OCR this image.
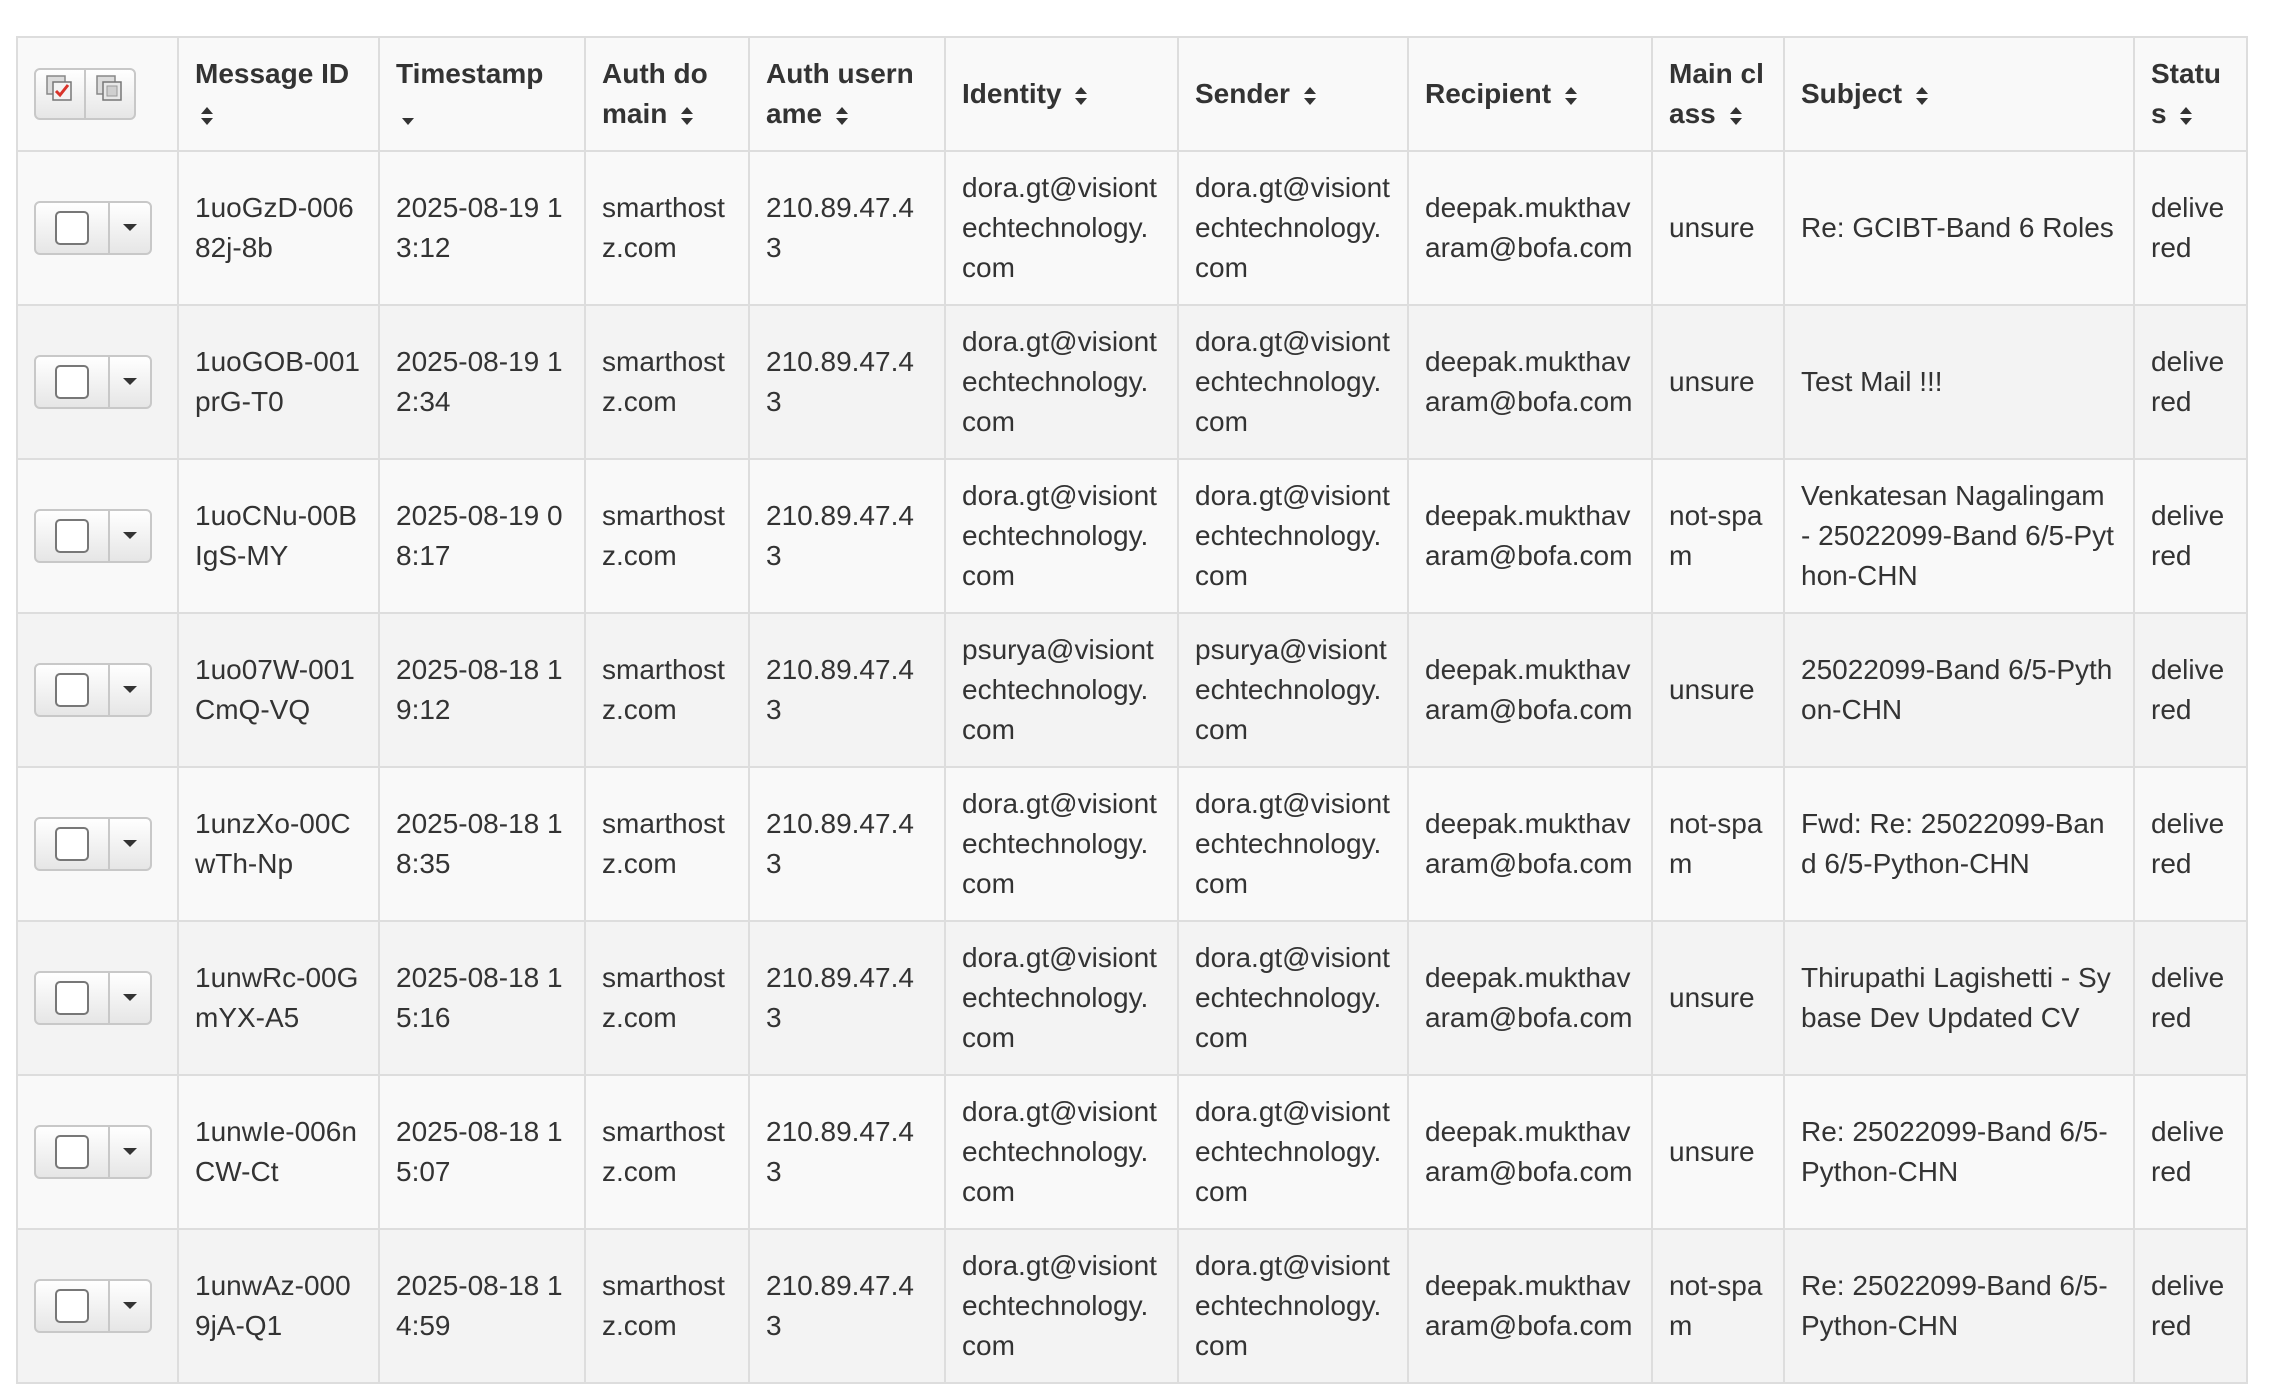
	Message ID	Timestamp	Auth domain	Auth username	Identity	Sender	Recipient	Main class	Subject	Status

	1uoGzD-00682j-8b	2025-08-19 13:12	smarthostz.com	210.89.47.43	dora.gt@visiontechtechnology.com	dora.gt@visiontechtechnology.com	deepak.mukthavaram@bofa.com	unsure	Re: GCIBT-Band 6 Roles	delivered

	1uoGOB-001prG-T0	2025-08-19 12:34	smarthostz.com	210.89.47.43	dora.gt@visiontechtechnology.com	dora.gt@visiontechtechnology.com	deepak.mukthavaram@bofa.com	unsure	Test Mail !!!	delivered

	1uoCNu-00BIgS-MY	2025-08-19 08:17	smarthostz.com	210.89.47.43	dora.gt@visiontechtechnology.com	dora.gt@visiontechtechnology.com	deepak.mukthavaram@bofa.com	not-spam	Venkatesan Nagalingam - 25022099-Band 6/5-Python-CHN	delivered

	1uo07W-001CmQ-VQ	2025-08-18 19:12	smarthostz.com	210.89.47.43	psurya@visiontechtechnology.com	psurya@visiontechtechnology.com	deepak.mukthavaram@bofa.com	unsure	25022099-Band 6/5-Python-CHN	delivered

	1unzXo-00CwTh-Np	2025-08-18 18:35	smarthostz.com	210.89.47.43	dora.gt@visiontechtechnology.com	dora.gt@visiontechtechnology.com	deepak.mukthavaram@bofa.com	not-spam	Fwd: Re: 25022099-Band 6/5-Python-CHN	delivered

	1unwRc-00GmYX-A5	2025-08-18 15:16	smarthostz.com	210.89.47.43	dora.gt@visiontechtechnology.com	dora.gt@visiontechtechnology.com	deepak.mukthavaram@bofa.com	unsure	Thirupathi Lagishetti - Sybase Dev Updated CV	delivered

	1unwIe-006nCW-Ct	2025-08-18 15:07	smarthostz.com	210.89.47.43	dora.gt@visiontechtechnology.com	dora.gt@visiontechtechnology.com	deepak.mukthavaram@bofa.com	unsure	Re: 25022099-Band 6/5-Python-CHN	delivered

	1unwAz-0009jA-Q1	2025-08-18 14:59	smarthostz.com	210.89.47.43	dora.gt@visiontechtechnology.com	dora.gt@visiontechtechnology.com	deepak.mukthavaram@bofa.com	not-spam	Re: 25022099-Band 6/5-Python-CHN	delivered
